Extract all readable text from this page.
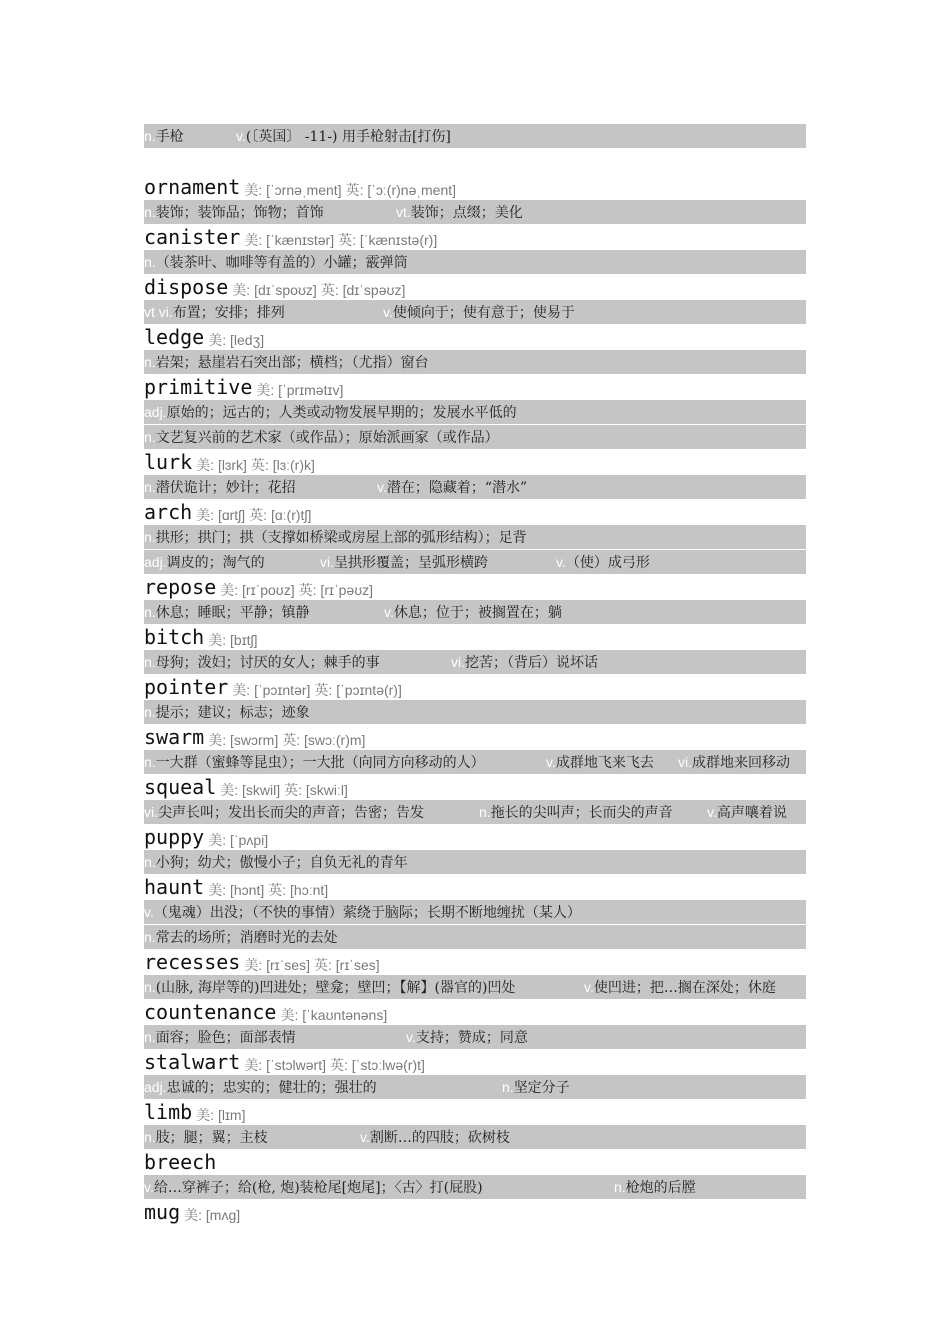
n. 手枪	v. (〔英国〕 -11-) 用手枪射击[打伤]
ornament 美: [ˈɔrnəˌment] 英: [ˈɔː(r)nəˌment]
n. 装饰；装饰品；饰物；首饰	vt. 装饰；点缀；美化
canister 美: [ˈkænɪstər] 英: [ˈkænɪstə(r)]
n. （装茶叶、咖啡等有盖的）小罐；霰弹筒
dispose 美: [dɪˈspoʊz] 英: [dɪˈspəʊz]
vt vi. 布置；安排；排列	v. 使倾向于；使有意于；使易于
ledge 美: [ledʒ]
n. 岩架；悬崖岩石突出部；横档；（尤指）窗台
primitive 美: [ˈprɪmətɪv]
adj. 原始的；远古的；人类或动物发展早期的；发展水平低的
n. 文艺复兴前的艺术家（或作品）；原始派画家（或作品）
lurk 美: [lɜrk] 英: [lɜː(r)k]
n. 潜伏诡计；妙计；花招	v. 潜在；隐藏着；“潜水”
arch 美: [ɑrtʃ] 英: [ɑː(r)tʃ]
n. 拱形；拱门；拱（支撑如桥梁或房屋上部的弧形结构）；足背
adj. 调皮的；淘气的	vi. 呈拱形覆盖；呈弧形横跨	v. （使）成弓形
repose 美: [rɪˈpoʊz] 英: [rɪˈpəʊz]
n. 休息；睡眠；平静；镇静	v. 休息；位于；被搁置在；躺
bitch 美: [bɪtʃ]
n. 母狗；泼妇；讨厌的女人；棘手的事	vi. 挖苦；（背后）说坏话
pointer 美: [ˈpɔɪntər] 英: [ˈpɔɪntə(r)]
n. 提示；建议；标志；迹象
swarm 美: [swɔrm] 英: [swɔː(r)m]
n. 一大群（蜜蜂等昆虫）；一大批（向同方向移动的人）	v. 成群地飞来飞去 vi. 成群地来回移动
squeal 美: [skwil] 英: [skwiːl]
vi. 尖声长叫；发出长而尖的声音；告密；告发	n. 拖长的尖叫声；长而尖的声音 v. 高声嚷着说
puppy 美: [ˈpʌpi]
n. 小狗；幼犬；傲慢小子；自负无礼的青年
haunt 美: [hɔnt] 英: [hɔːnt]
v. （鬼魂）出没；（不快的事情）萦绕于脑际；长期不断地缠扰（某人）
n. 常去的场所；消磨时光的去处
recesses 美: [rɪˈses] 英: [rɪˈses]
n. (山脉, 海岸等的)凹进处；壁龛；壁凹；【解】(器官的)凹处	v. 使凹进；把…搁在深处；休庭
countenance 美: [ˈkaʊntənəns]
n. 面容；脸色；面部表情	v. 支持；赞成；同意
stalwart 美: [ˈstɔlwərt] 英: [ˈstɔːlwə(r)t]
adj. 忠诚的；忠实的；健壮的；强壮的	n. 坚定分子
limb 美: [lɪm]
n. 肢；腿；翼；主枝	v. 割断…的四肢；砍树枝
breech
v. 给…穿裤子；给(枪, 炮)装枪尾[炮尾]；〈古〉打(屁股)	n. 枪炮的后膛
mug 美: [mʌg]
